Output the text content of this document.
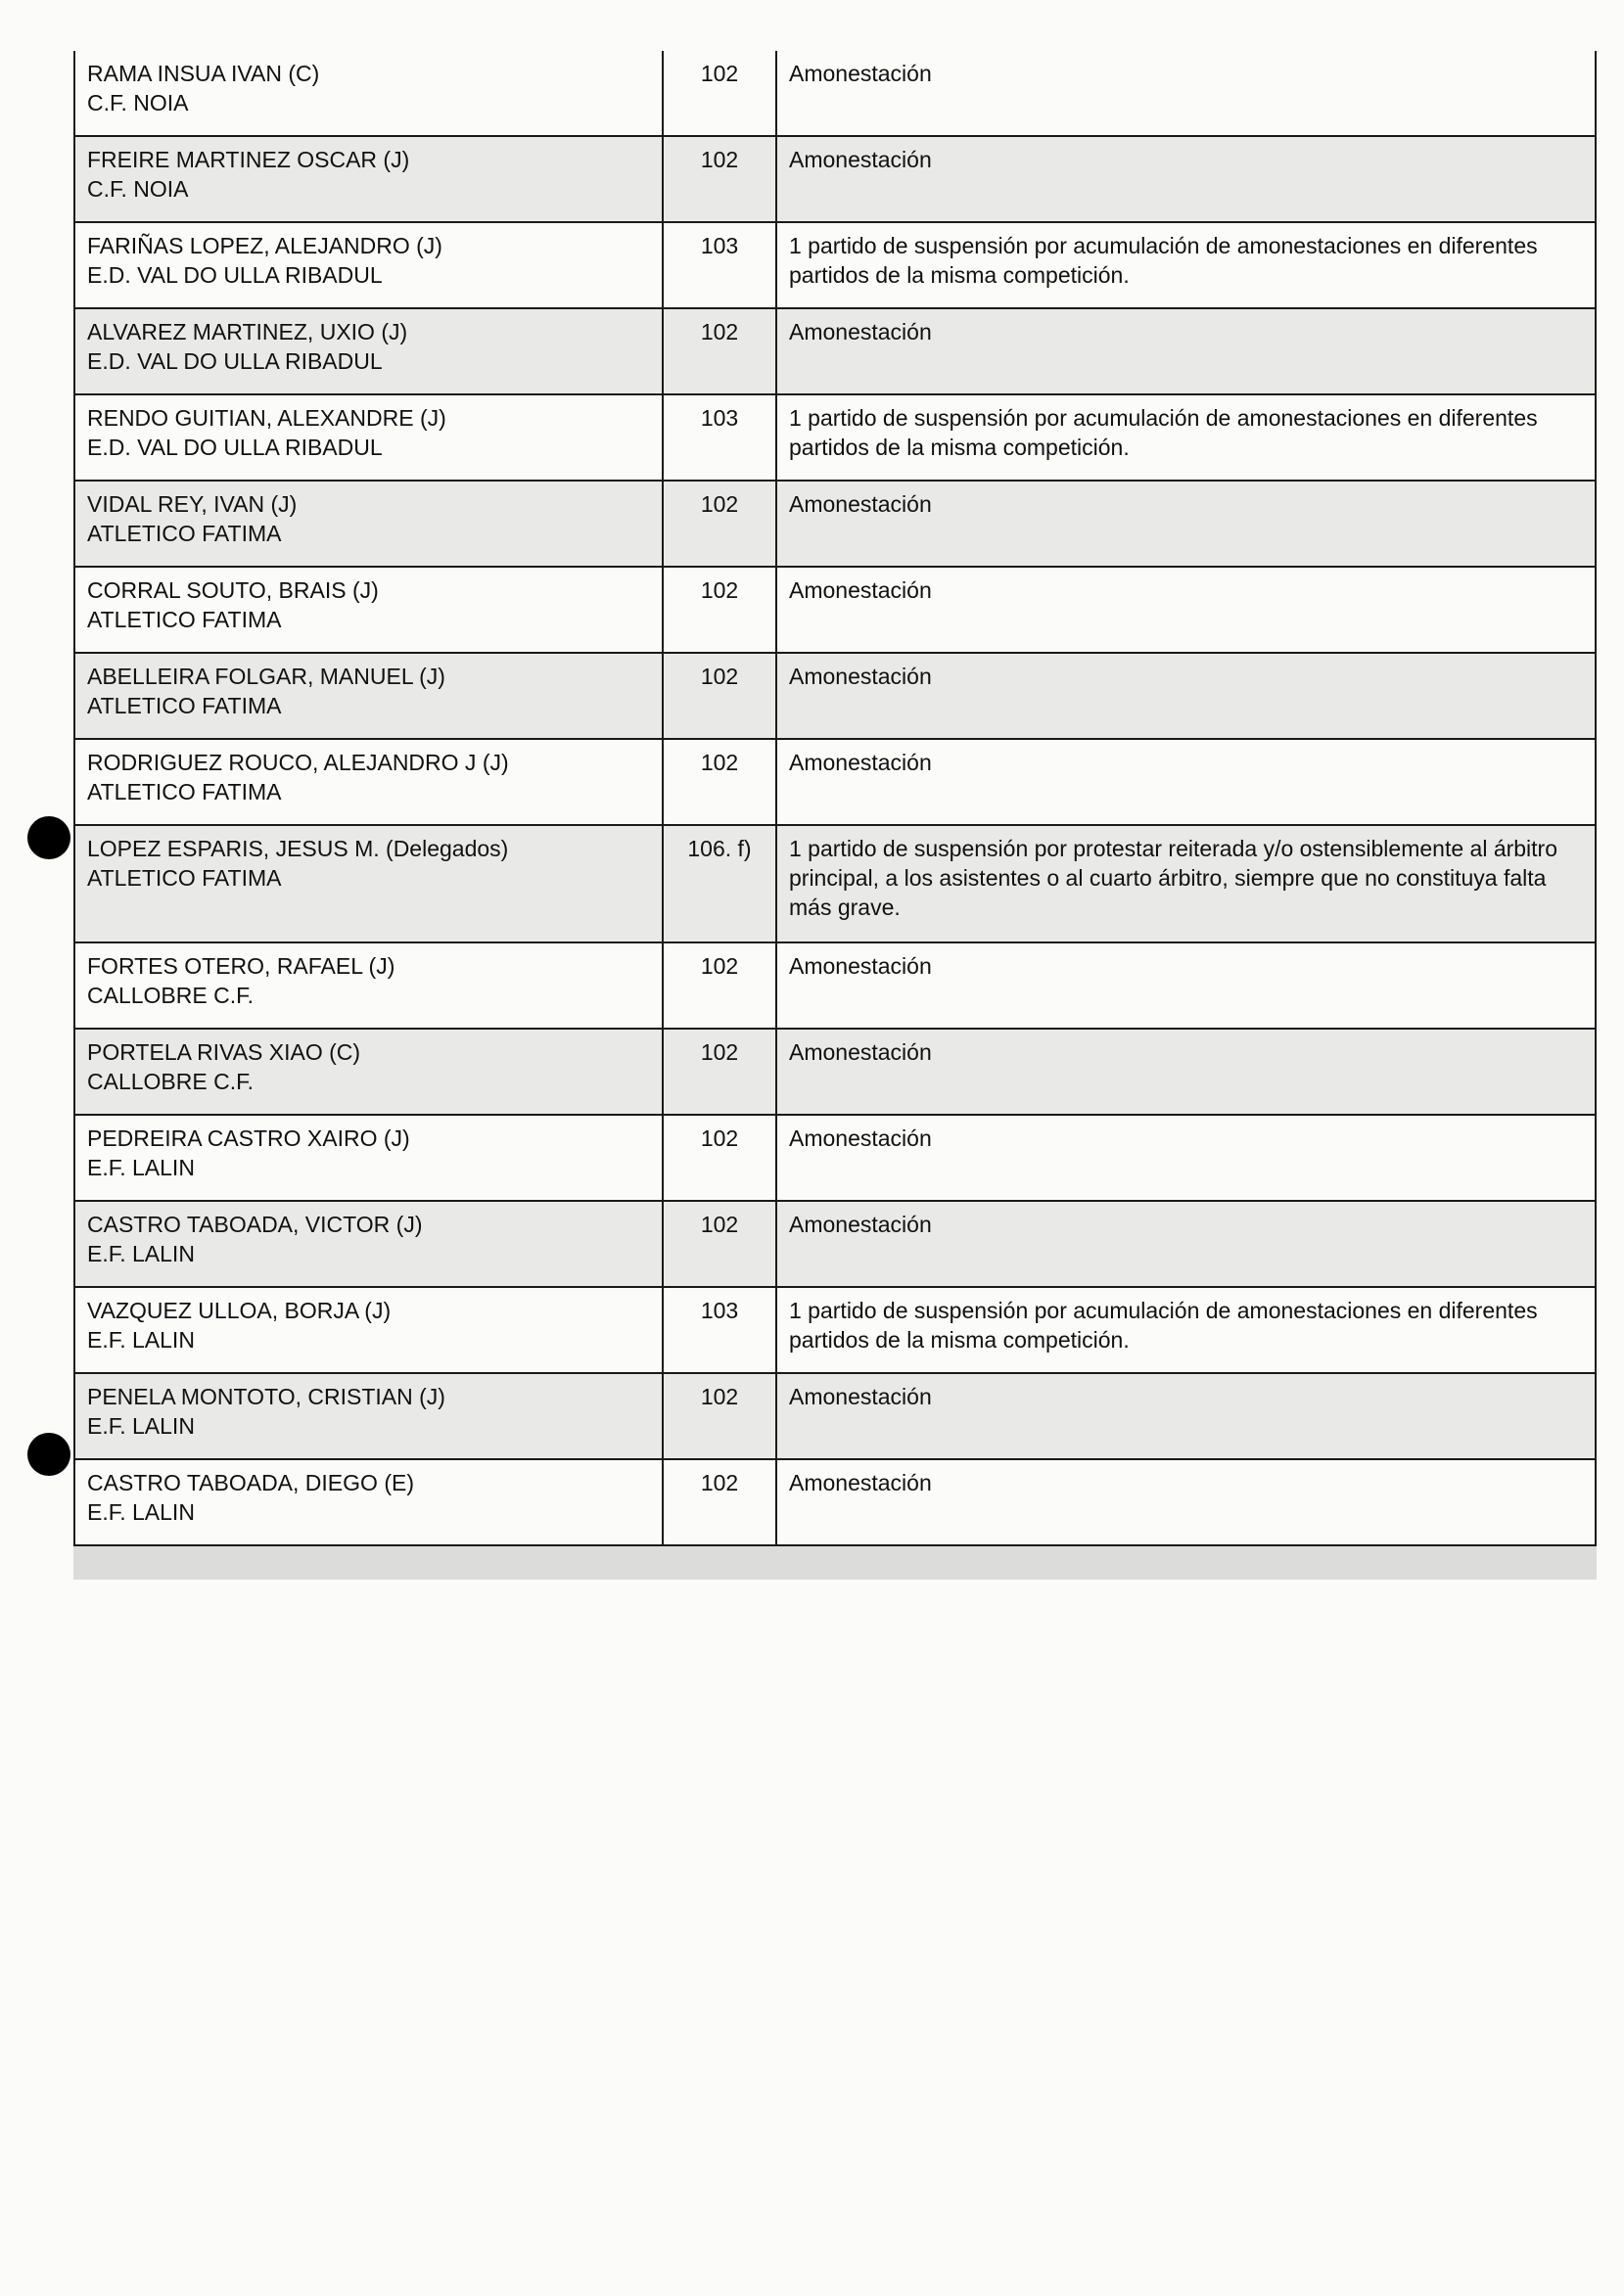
RAMA INSUA IVAN (C)
C.F. NOIA	102	Amonestación

FREIRE MARTINEZ OSCAR (J)
C.F. NOIA	102	Amonestación

FARIÑAS LOPEZ, ALEJANDRO (J)
E.D. VAL DO ULLA RIBADUL	103	1 partido de suspensión por acumulación de amonestaciones en diferentes partidos de la misma competición.

ALVAREZ MARTINEZ, UXIO (J)
E.D. VAL DO ULLA RIBADUL	102	Amonestación

RENDO GUITIAN, ALEXANDRE (J)
E.D. VAL DO ULLA RIBADUL	103	1 partido de suspensión por acumulación de amonestaciones en diferentes partidos de la misma competición.

VIDAL REY, IVAN (J)
ATLETICO FATIMA	102	Amonestación

CORRAL SOUTO, BRAIS (J)
ATLETICO FATIMA	102	Amonestación

ABELLEIRA FOLGAR, MANUEL (J)
ATLETICO FATIMA	102	Amonestación

RODRIGUEZ ROUCO, ALEJANDRO J (J)
ATLETICO FATIMA	102	Amonestación

LOPEZ ESPARIS, JESUS M. (Delegados)
ATLETICO FATIMA	106. f)	1 partido de suspensión por protestar reiterada y/o ostensiblemente al árbitro principal, a los asistentes o al cuarto árbitro, siempre que no constituya falta más grave.

FORTES OTERO, RAFAEL (J)
CALLOBRE C.F.	102	Amonestación

PORTELA RIVAS XIAO (C)
CALLOBRE C.F.	102	Amonestación

PEDREIRA CASTRO XAIRO (J)
E.F. LALIN	102	Amonestación

CASTRO TABOADA, VICTOR (J)
E.F. LALIN	102	Amonestación

VAZQUEZ ULLOA, BORJA (J)
E.F. LALIN	103	1 partido de suspensión por acumulación de amonestaciones en diferentes partidos de la misma competición.

PENELA MONTOTO, CRISTIAN (J)
E.F. LALIN	102	Amonestación

CASTRO TABOADA, DIEGO (E)
E.F. LALIN	102	Amonestación
